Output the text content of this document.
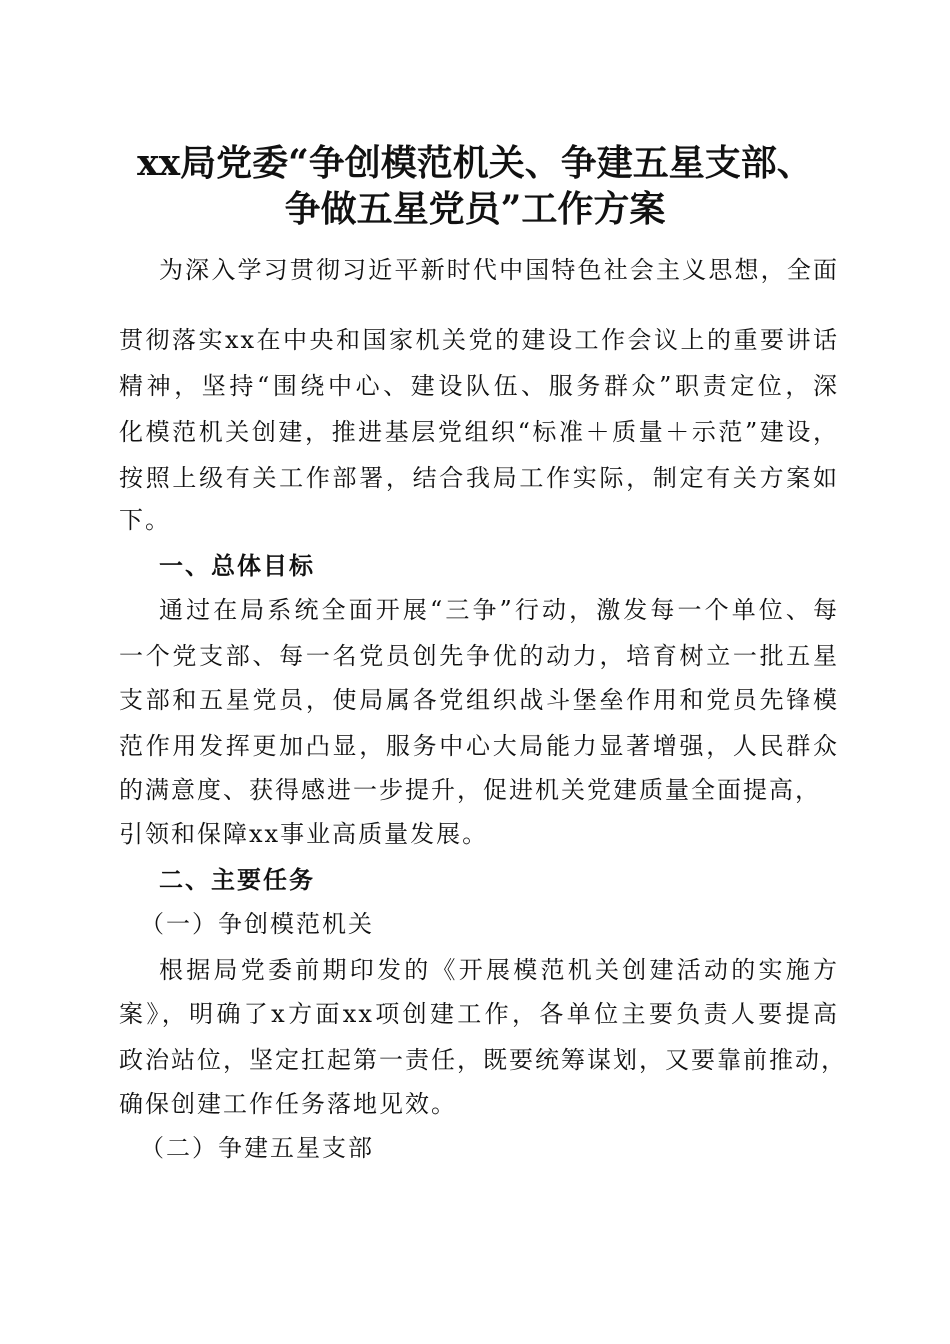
xx局党委“争创模范机关、争建五星支部、
争做五星党员”工作方案

为深入学习贯彻习近平新时代中国特色社会主义思想，全面

贯彻落实xx在中央和国家机关党的建设工作会议上的重要讲话

精神，坚持“围绕中心、建设队伍、服务群众”职责定位，深

化模范机关创建，推进基层党组织“标准＋质量＋示范”建设，

按照上级有关工作部署，结合我局工作实际，制定有关方案如

下。

一、总体目标

通过在局系统全面开展“三争”行动，激发每一个单位、每

一个党支部、每一名党员创先争优的动力，培育树立一批五星

支部和五星党员，使局属各党组织战斗堡垒作用和党员先锋模

范作用发挥更加凸显，服务中心大局能力显著增强，人民群众

的满意度、获得感进一步提升，促进机关党建质量全面提高，

引领和保障xx事业高质量发展。

二、主要任务

（一）争创模范机关

根据局党委前期印发的《开展模范机关创建活动的实施方

案》，明确了x方面xx项创建工作，各单位主要负责人要提高

政治站位，坚定扛起第一责任，既要统筹谋划，又要靠前推动，

确保创建工作任务落地见效。

（二）争建五星支部
